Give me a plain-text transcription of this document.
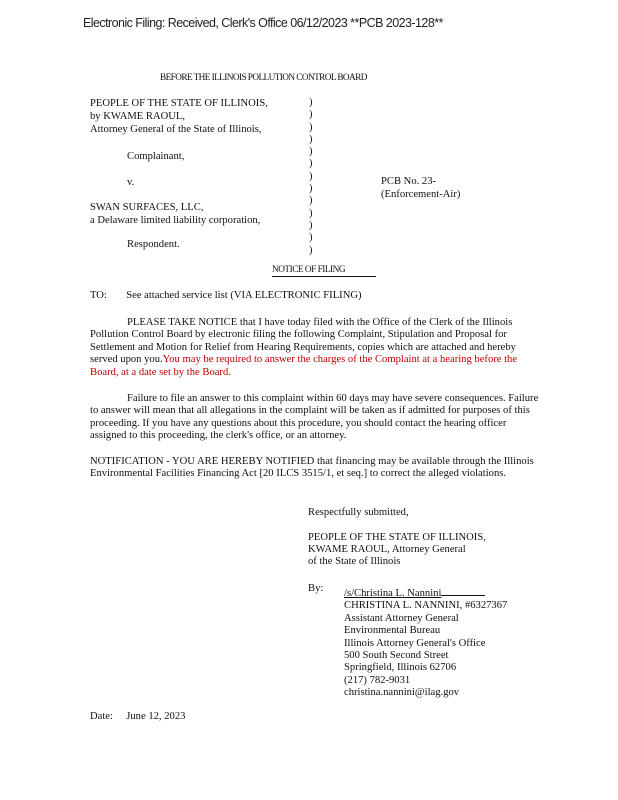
Electronic Filing: Received, Clerk's Office 06/12/2023 **PCB 2023-128**
BEFORE THE ILLINOIS POLLUTION CONTROL BOARD
PEOPLE OF THE STATE OF ILLINOIS,
by KWAME RAOUL,
Attorney General of the State of Illinois,
Complainant,
v.
SWAN SURFACES, LLC,
a Delaware limited liability corporation,
Respondent.
)
)
)
)
)
)
)
)
)
)
)
)
)
PCB No. 23-
(Enforcement-Air)
NOTICE OF FILING
TO: See attached service list (VIA ELECTRONIC FILING)
PLEASE TAKE NOTICE that I have today filed with the Office of the Clerk of the Illinois Pollution Control Board by electronic filing the following Complaint, Stipulation and Proposal for Settlement and Motion for Relief from Hearing Requirements, copies which are attached and hereby served upon you.You may be required to answer the charges of the Complaint at a hearing before the Board, at a date set by the Board.
Failure to file an answer to this complaint within 60 days may have severe consequences. Failure to answer will mean that all allegations in the complaint will be taken as if admitted for purposes of this proceeding. If you have any questions about this procedure, you should contact the hearing officer assigned to this proceeding, the clerk's office, or an attorney.
NOTIFICATION - YOU ARE HEREBY NOTIFIED that financing may be available through the Illinois Environmental Facilities Financing Act [20 ILCS 3515/1, et seq.] to correct the alleged violations.
Respectfully submitted,
PEOPLE OF THE STATE OF ILLINOIS,
KWAME RAOUL, Attorney General
of the State of Illinois
By: /s/Christina L. Nannini
CHRISTINA L. NANNINI, #6327367
Assistant Attorney General
Environmental Bureau
Illinois Attorney General's Office
500 South Second Street
Springfield, Illinois 62706
(217) 782-9031
christina.nannini@ilag.gov
Date: June 12, 2023
